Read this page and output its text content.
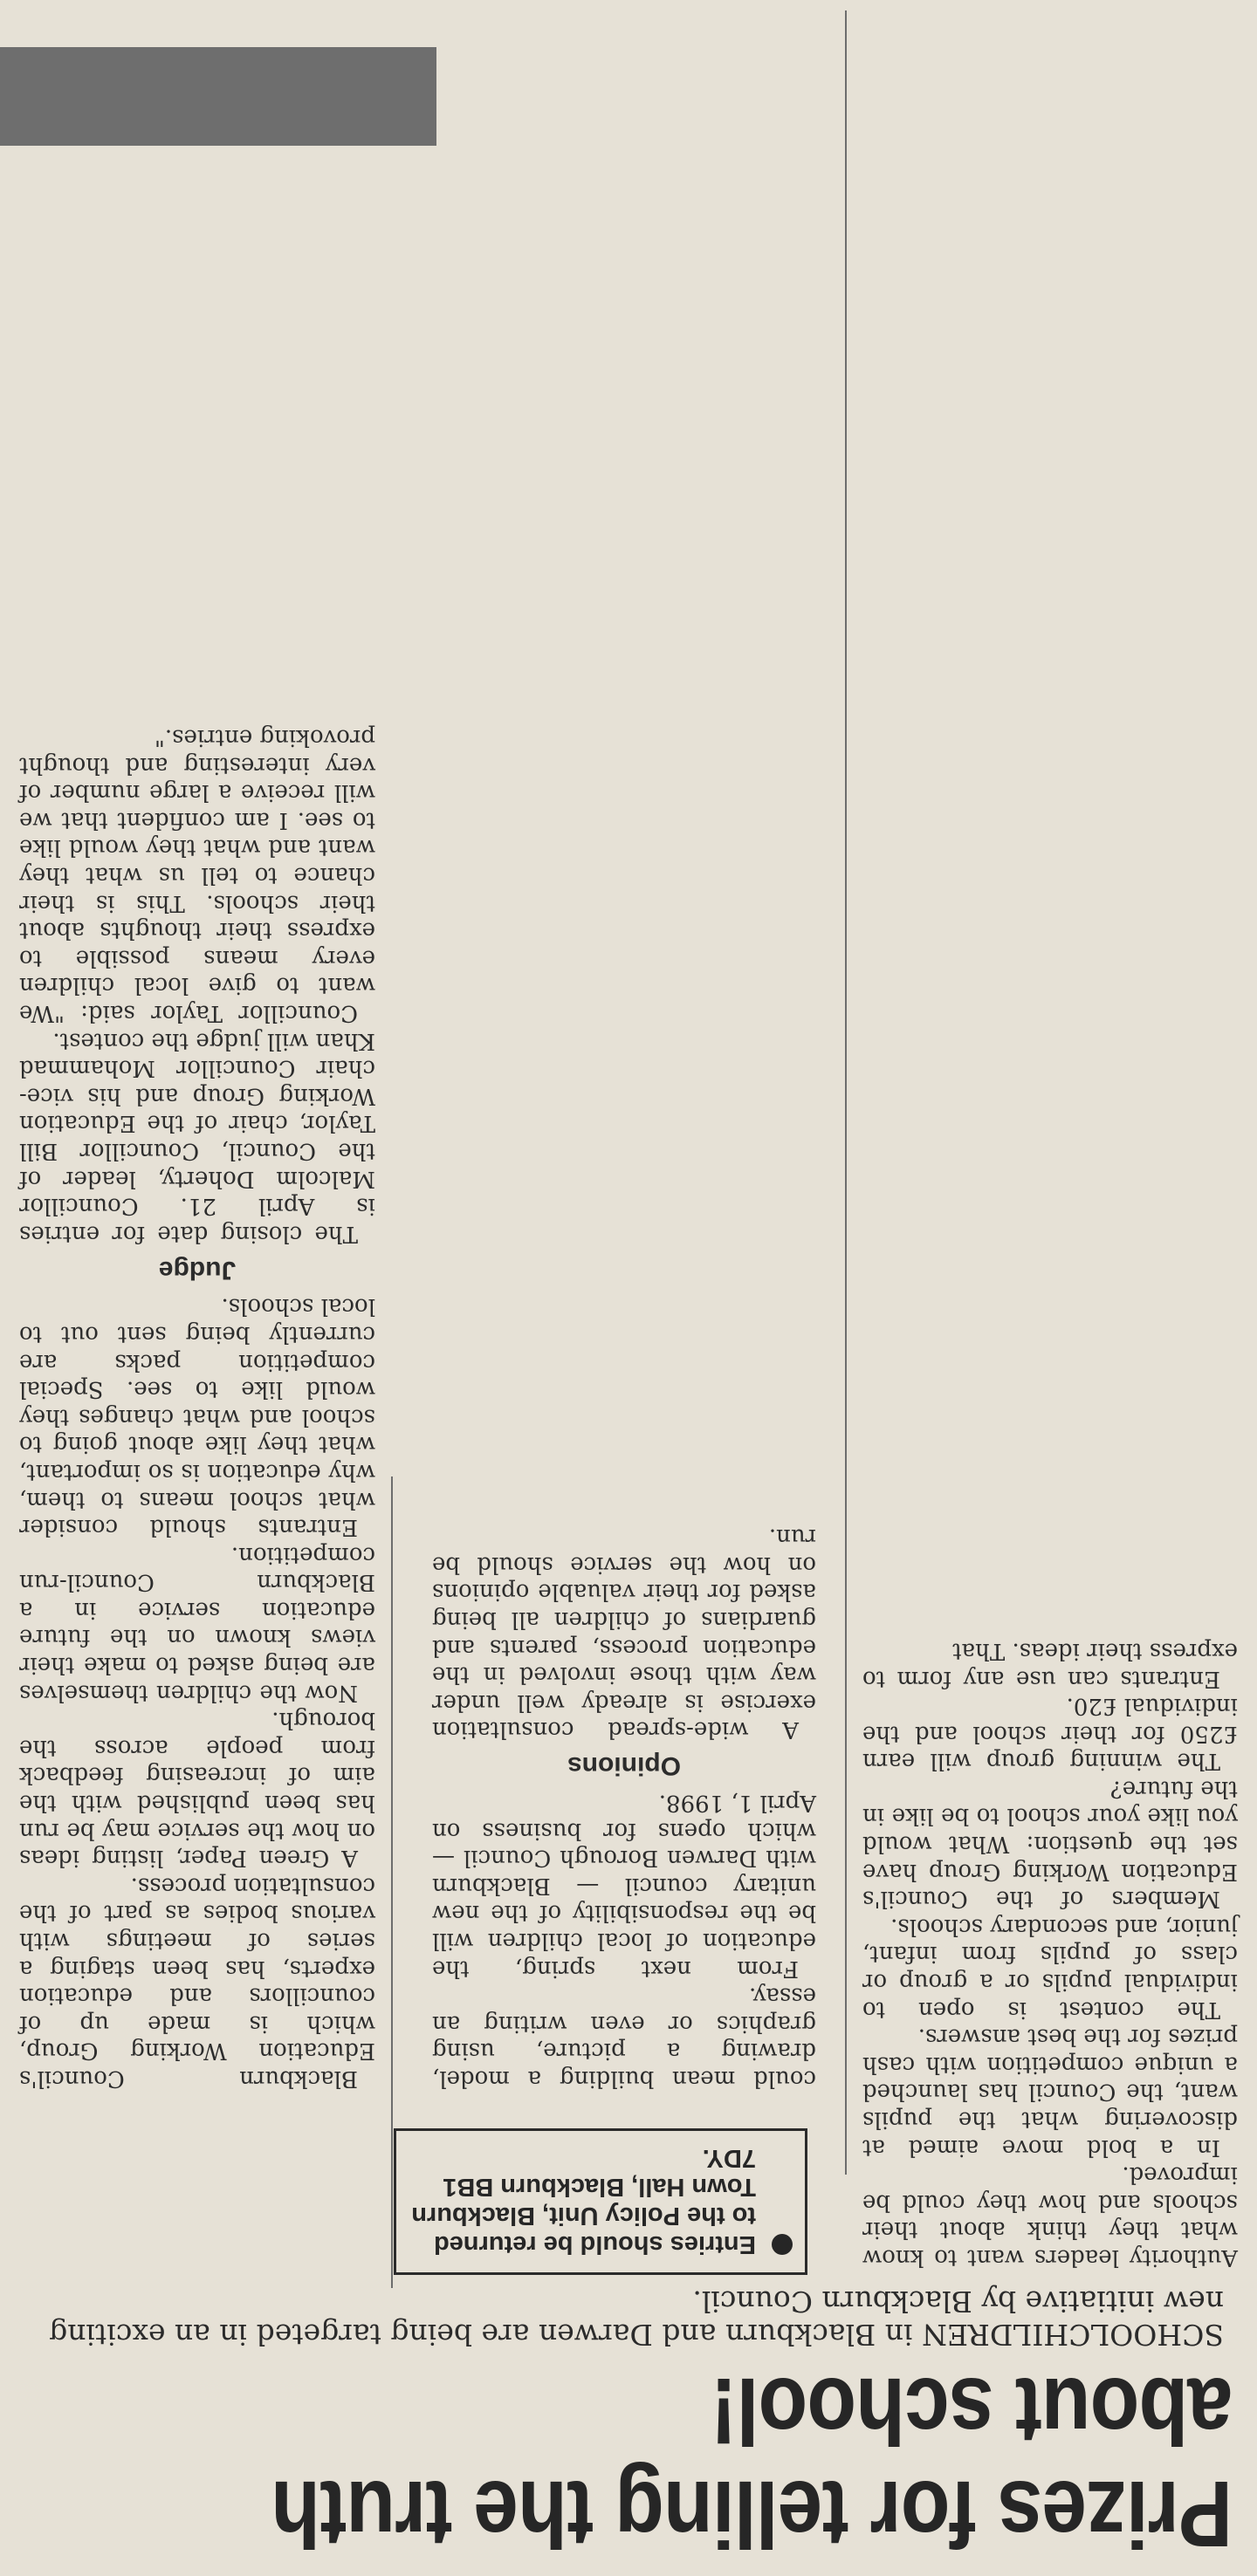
Prizes for telling the truth about school!
SCHOOLCHILDREN in Blackburn and Darwen are being targeted in an exciting new initiative by Blackburn Council.

Authority leaders want to know what they think about their schools and how they could be improved.

In a bold move aimed at discovering what the pupils want, the Council has launched a unique competition with cash prizes for the best answers.

The contest is open to individual pupils or a group or class of pupils from infant, junior, and secondary schools.

Members of the Council's Education Working Group have set the question: What would you like your school to be like in the future?

The winning group will earn £250 for their school and the individual £20.

Entrants can use any form to express their ideas. That

Entries should be returned to the Policy Unit, Blackburn Town Hall, Blackburn BB1 7DY.

could mean building a model, drawing a picture, using graphics or even writing an essay.

From next spring, the education of local children will be the responsibility of the new unitary council — Blackburn with Darwen Borough Council — which opens for business on April 1, 1998.

Opinions

A wide-spread consultation exercise is already well under way with those involved in the education process, parents and guardians of children all being asked for their valuable opinions on how the service should be run.

Blackburn Council's Education Working Group, which is made up of councillors and education experts, has been staging a series of meetings with various bodies as part of the consultation process.

A Green Paper, listing ideas on how the service may be run has been published with the aim of increasing feedback from people across the borough.

Now the children themselves are being asked to make their views known on the future education service in a Blackburn Council-run competition.

Entrants should consider what school means to them, why education is so important, what they like about going to school and what changes they would like to see. Special competition packs are currently being sent out to local schools.

Judge

The closing date for entries is April 21. Councillor Malcolm Doherty, leader of the Council, Councillor Bill Taylor, chair of the Education Working Group and his vice-chair Councillor Mohammad Khan will judge the contest.

Councillor Taylor said: "We want to give local children every means possible to express their thoughts about their schools. This is their chance to tell us what they want and what they would like to see. I am confident that we will receive a large number of very interesting and thought provoking entries."
